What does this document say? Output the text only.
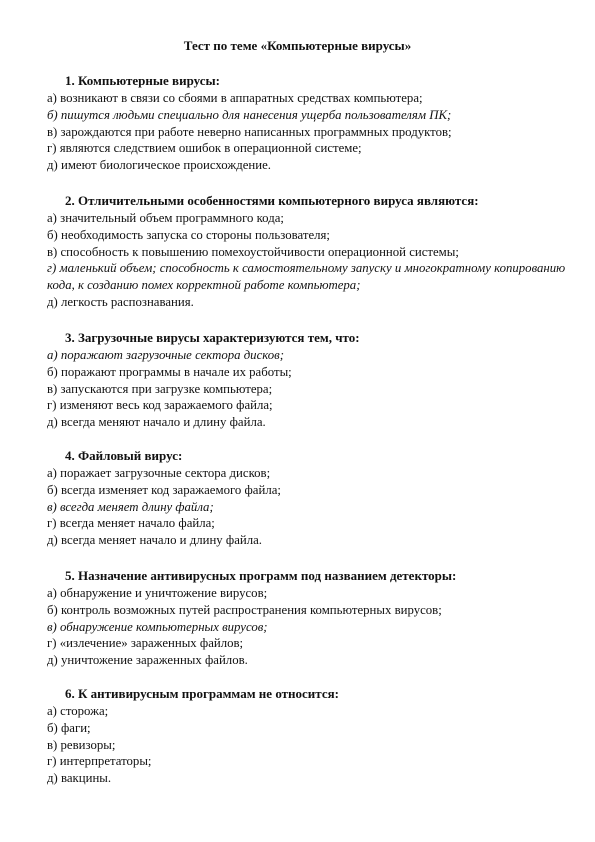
Тест по теме «Компьютерные вирусы»
1. Компьютерные вирусы:
а) возникают в связи со сбоями в аппаратных средствах компьютера;
б) пишутся людьми специально для нанесения ущерба пользователям ПК;
в) зарождаются при работе неверно написанных программных продуктов;
г) являются следствием ошибок в операционной системе;
д) имеют биологическое происхождение.
2. Отличительными особенностями компьютерного вируса являются:
а) значительный объем программного кода;
б) необходимость запуска со стороны пользователя;
в) способность к повышению помехоустойчивости операционной системы;
г) маленький объем; способность к самостоятельному запуску и многократному копированию кода, к созданию помех корректной работе компьютера;
д) легкость распознавания.
3. Загрузочные вирусы характеризуются тем, что:
а) поражают загрузочные сектора дисков;
б) поражают программы в начале их работы;
в) запускаются при загрузке компьютера;
г) изменяют весь код заражаемого файла;
д) всегда меняют начало и длину файла.
4. Файловый вирус:
а) поражает загрузочные сектора дисков;
б) всегда изменяет код заражаемого файла;
в) всегда меняет длину файла;
г) всегда меняет начало файла;
д) всегда меняет начало и длину файла.
5. Назначение антивирусных программ под названием детекторы:
а) обнаружение и уничтожение вирусов;
б) контроль возможных путей распространения компьютерных вирусов;
в) обнаружение компьютерных вирусов;
г) «излечение» зараженных файлов;
д) уничтожение зараженных файлов.
6. К антивирусным программам не относится:
а) сторожа;
б) фаги;
в) ревизоры;
г) интерпретаторы;
д) вакцины.
